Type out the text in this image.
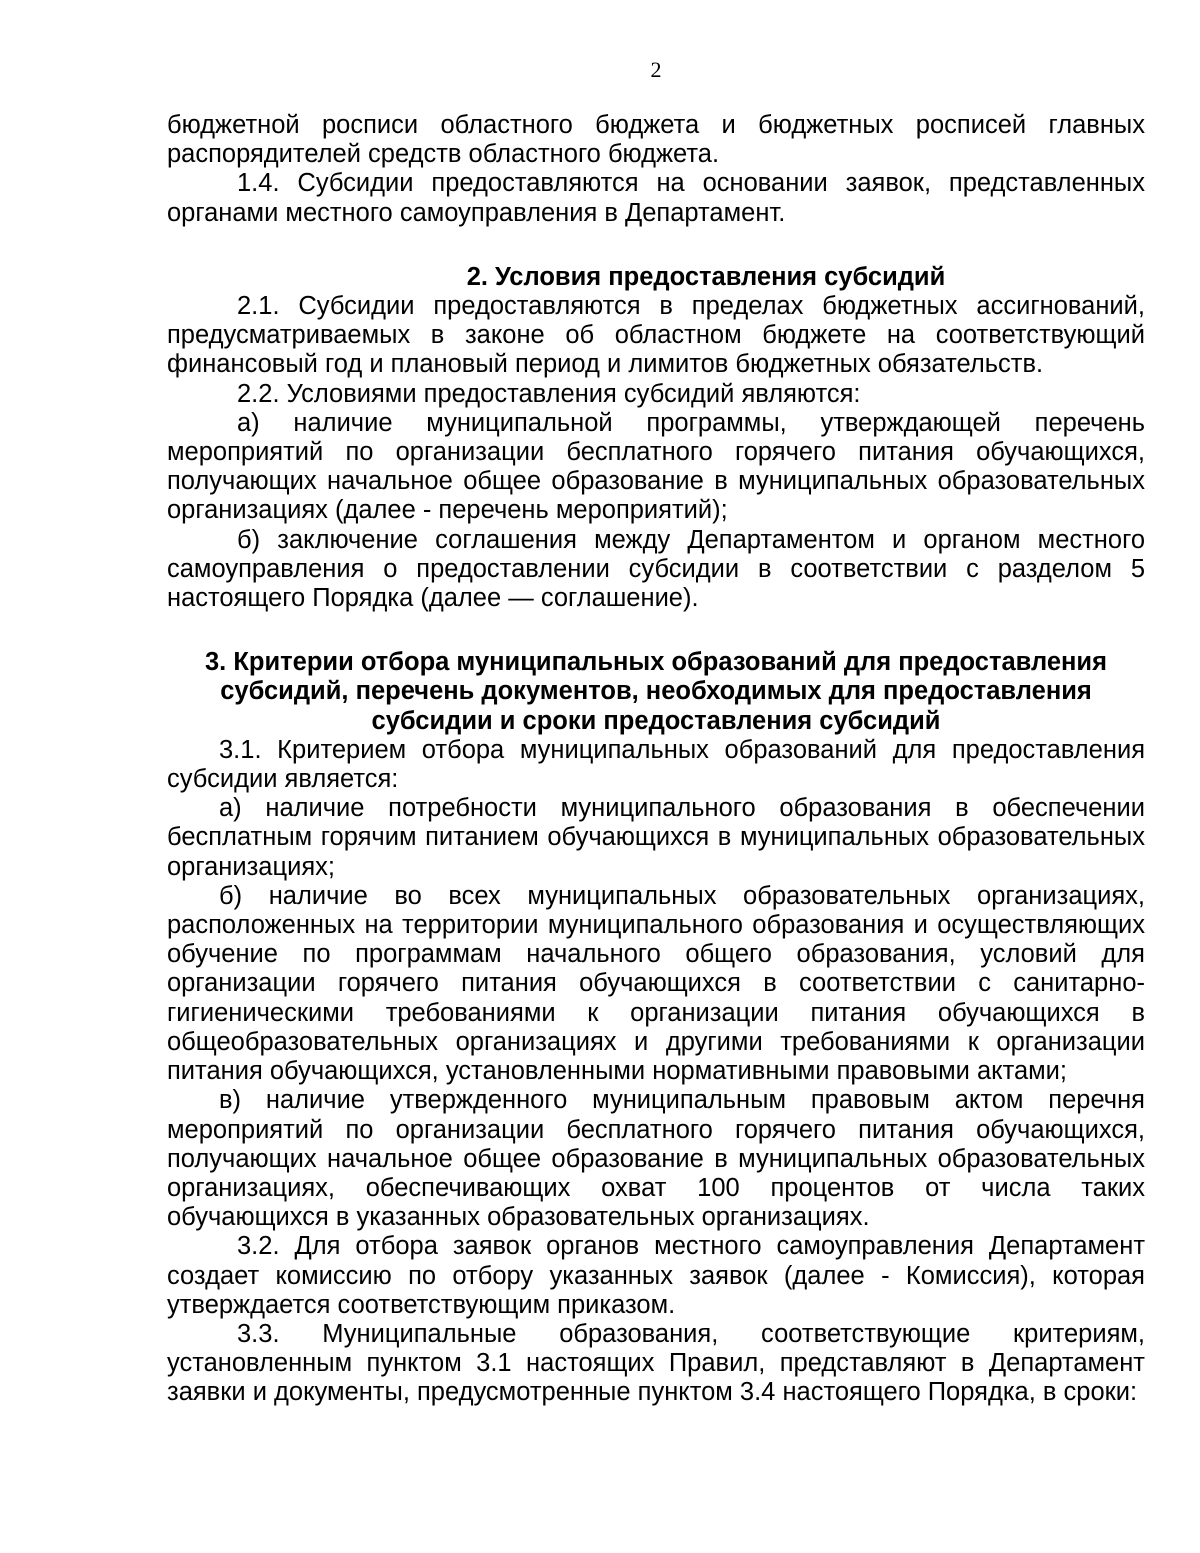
2

бюджетной росписи областного бюджета и бюджетных росписей главных распорядителей средств областного бюджета.

1.4. Субсидии предоставляются на основании заявок, представленных органами местного самоуправления в Департамент.

2. Условия предоставления субсидий

2.1. Субсидии предоставляются в пределах бюджетных ассигнований, предусматриваемых в законе об областном бюджете на соответствующий финансовый год и плановый период и лимитов бюджетных обязательств.

2.2. Условиями предоставления субсидий являются:

а) наличие муниципальной программы, утверждающей перечень мероприятий по организации бесплатного горячего питания обучающихся, получающих начальное общее образование в муниципальных образовательных организациях (далее - перечень мероприятий);

б) заключение соглашения между Департаментом и органом местного самоуправления о предоставлении субсидии в соответствии с разделом 5 настоящего Порядка (далее — соглашение).

3. Критерии отбора муниципальных образований для предоставления

субсидий, перечень документов, необходимых для предоставления

субсидии и сроки предоставления субсидий

3.1. Критерием отбора муниципальных образований для предоставления субсидии является:

а) наличие потребности муниципального образования в обеспечении бесплатным горячим питанием обучающихся в муниципальных образовательных организациях;

б) наличие во всех муниципальных образовательных организациях, расположенных на территории муниципального образования и осуществляющих обучение по программам начального общего образования, условий для организации горячего питания обучающихся в соответствии с санитарно-гигиеническими требованиями к организации питания обучающихся в общеобразовательных организациях и другими требованиями к организации питания обучающихся, установленными нормативными правовыми актами;

в) наличие утвержденного муниципальным правовым актом перечня мероприятий по организации бесплатного горячего питания обучающихся, получающих начальное общее образование в муниципальных образовательных организациях, обеспечивающих охват 100 процентов от числа таких обучающихся в указанных образовательных организациях.

3.2. Для отбора заявок органов местного самоуправления Департамент создает комиссию по отбору указанных заявок (далее - Комиссия), которая утверждается соответствующим приказом.

3.3. Муниципальные образования, соответствующие критериям, установленным пунктом 3.1 настоящих Правил, представляют в Департамент заявки и документы, предусмотренные пунктом 3.4 настоящего Порядка, в сроки:
